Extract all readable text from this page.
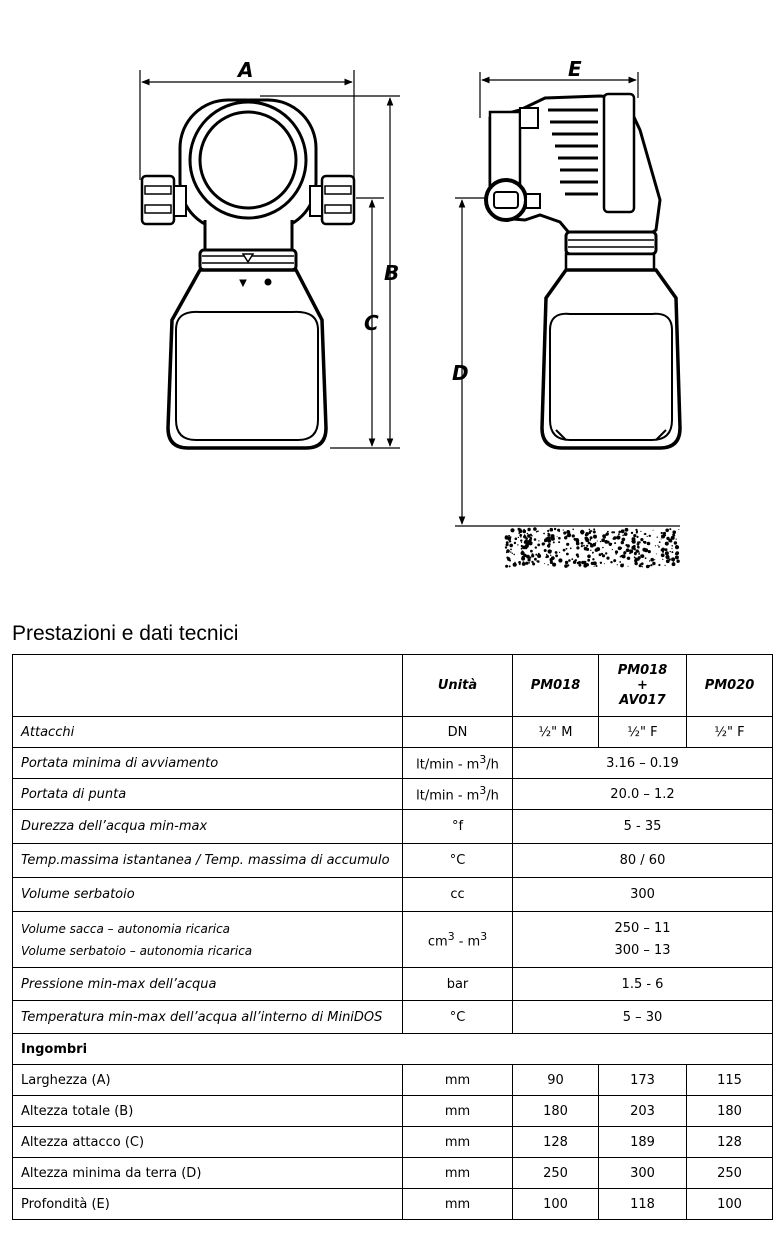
A
B
C
E
D
Prestazioni e dati tecnici
	Unità	PM018	PM018
+
AV017	PM020
Attacchi	DN	½" M	½" F	½" F
Portata minima di avviamento	$lt/\min - m^3/h$	3.16 – 0.19		
Portata di punta	$lt/\min - m^3/h$	20.0 – 1.2		
Durezza dell’acqua min-max	°f	5 - 35		
Temp.massima istantanea / Temp. massima di accumulo	°C	80 / 60		
Volume serbatoio	cc	300		

Volume sacca – autonomia ricarica
Volume serbatoio – autonomia ricarica	$cm^3 - m^3$	250 – 11
300 – 13		

Pressione min-max dell’acqua	bar	1.5 - 6		
Temperatura min-max dell’acqua all’interno di MiniDOS	°C	5 – 30		
Ingombri				
Larghezza (A)	mm	90	173	115
Altezza totale (B)	mm	180	203	180
Altezza attacco (C)	mm	128	189	128
Altezza minima da terra (D)	mm	250	300	250
Profondità (E)	mm	100	118	100
